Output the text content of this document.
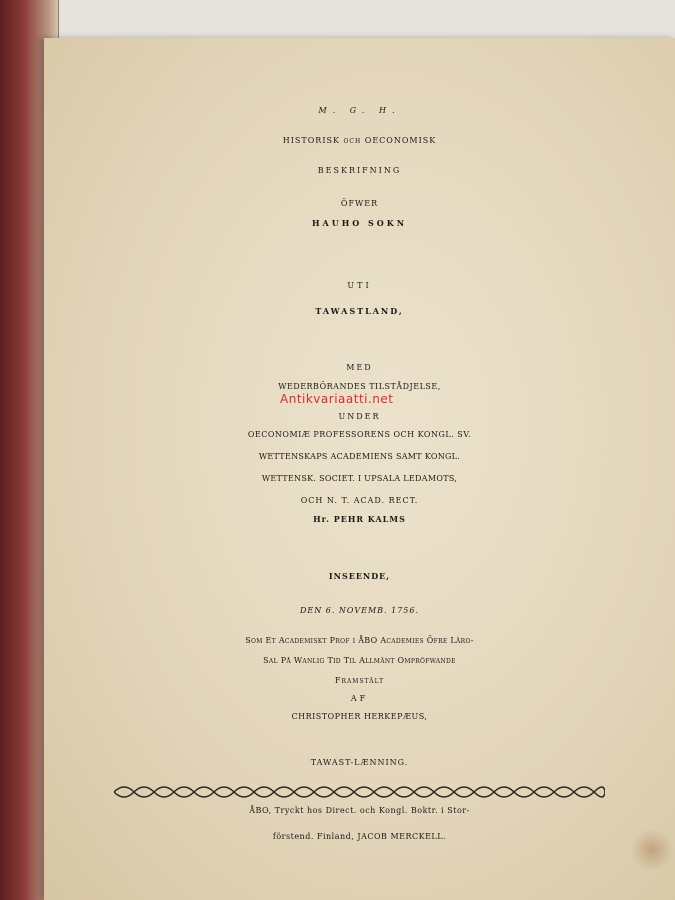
M. G. H.
HISTORISK och OECONOMISK
BESKRIFNING
ÖFWER
HAUHO SOKN
UTI
TAWASTLAND,
MED
WEDERBÖRANDES TILSTÅDJELSE,
UNDER
OECONOMIÆ PROFESSORENS OCH KONGL. SV.
WETTENSKAPS ACADEMIENS SAMT KONGL.
WETTENSK. SOCIET. I UPSALA LEDAMOTS,
OCH N. T. ACAD. RECT.
Hr. PEHR KALMS
INSEENDE,
DEN 6. NOVEMB. 1756.
Som Et Academiskt Prof i ÅBO Academies Öfre Läro-
Sal På Wanlig Tid Til Allmänt Ompröfwande
Framstält
AF
CHRISTOPHER HERKEPÆUS,
TAWAST-LÆNNING.
ÅBO, Tryckt hos Direct. och Kongl. Boktr. i Stor-
förstend. Finland, JACOB MERCKELL.
Antikvariaatti.net
